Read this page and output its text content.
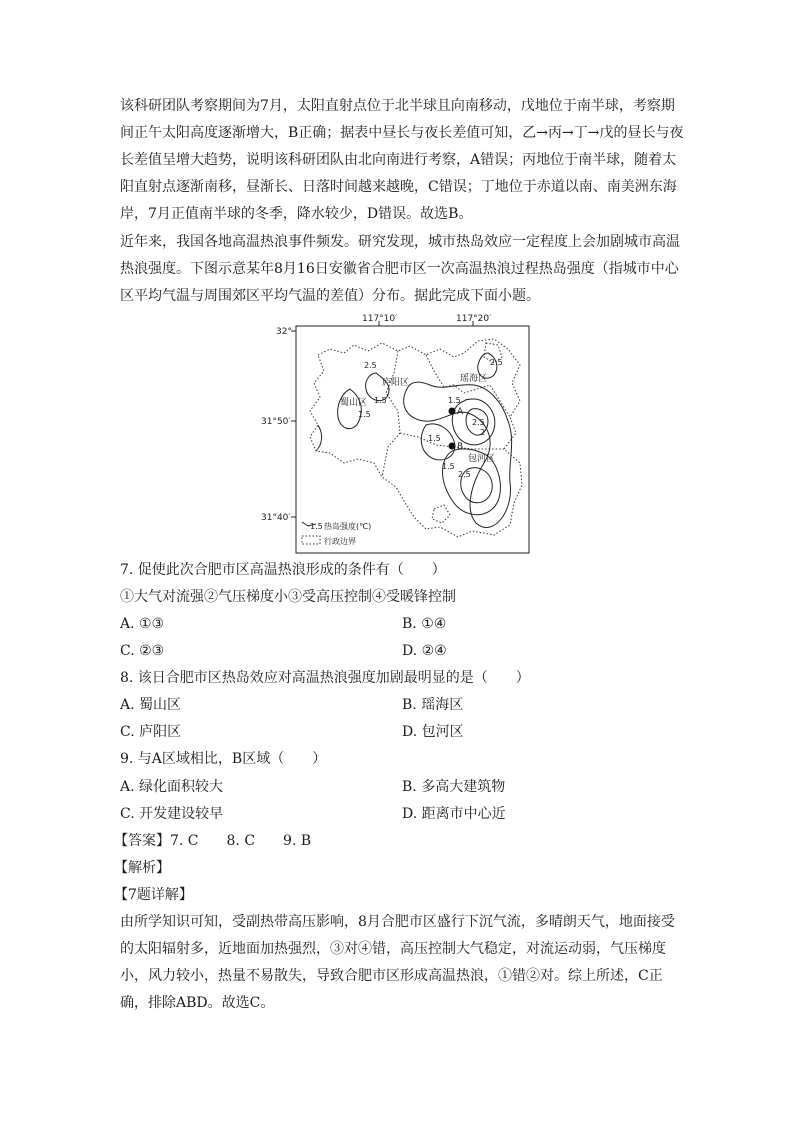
该科研团队考察期间为7月，太阳直射点位于北半球且向南移动，戊地位于南半球，考察期间正午太阳高度逐渐增大，B正确；据表中昼长与夜长差值可知，乙→丙→丁→戊的昼长与夜长差值呈增大趋势，说明该科研团队由北向南进行考察，A错误；丙地位于南半球，随着太阳直射点逐渐南移，昼渐长、日落时间越来越晚，C错误；丁地位于赤道以南、南美洲东海岸，7月正值南半球的冬季，降水较少，D错误。故选B。

近年来，我国各地高温热浪事件频发。研究发现，城市热岛效应一定程度上会加剧城市高温热浪强度。下图示意某年8月16日安徽省合肥市区一次高温热浪过程热岛强度（指城市中心区平均气温与周围郊区平均气温的差值）分布。据此完成下面小题。

117°10′	117°20′
32°
31°50′
31°40′
2.5
1.5
1.5	1.5
2.5
2
1.5
2.5
1.5
2.5
庐阳区
蜀山区
瑶海区
包河区
A
B
1.5 热岛强度(℃)
行政边界
7. 促使此次合肥市区高温热浪形成的条件有（　　）
①大气对流强②气压梯度小③受高压控制④受暖锋控制
A. ①③	B. ①④
C. ②③	D. ②④
8. 该日合肥市区热岛效应对高温热浪强度加剧最明显的是（　　）
A. 蜀山区	B. 瑶海区
C. 庐阳区	D. 包河区
9. 与A区域相比，B区域（　　）
A. 绿化面积较大	B. 多高大建筑物
C. 开发建设较早	D. 距离市中心近
【答案】7. C　　8. C　　9. B
【解析】
【7题详解】

由所学知识可知，受副热带高压影响，8月合肥市区盛行下沉气流，多晴朗天气，地面接受的太阳辐射多，近地面加热强烈，③对④错，高压控制大气稳定，对流运动弱，气压梯度小，风力较小，热量不易散失，导致合肥市区形成高温热浪，①错②对。综上所述，C正确，排除ABD。故选C。
